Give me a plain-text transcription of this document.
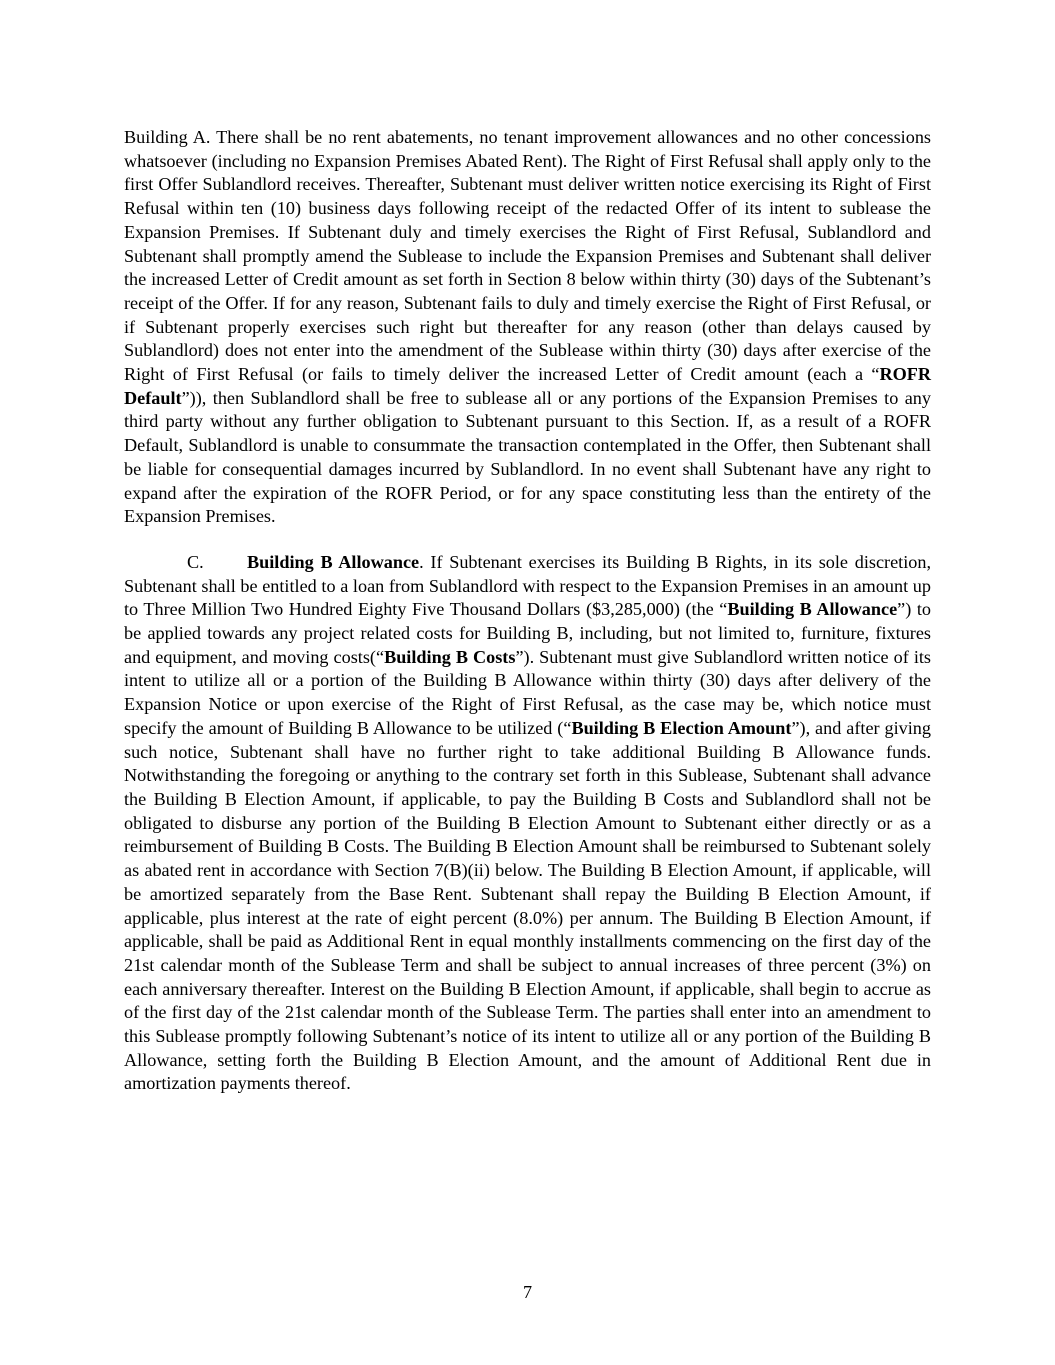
Building A. There shall be no rent abatements, no tenant improvement allowances and no other concessions whatsoever (including no Expansion Premises Abated Rent). The Right of First Refusal shall apply only to the first Offer Sublandlord receives. Thereafter, Subtenant must deliver written notice exercising its Right of First Refusal within ten (10) business days following receipt of the redacted Offer of its intent to sublease the Expansion Premises. If Subtenant duly and timely exercises the Right of First Refusal, Sublandlord and Subtenant shall promptly amend the Sublease to include the Expansion Premises and Subtenant shall deliver the increased Letter of Credit amount as set forth in Section 8 below within thirty (30) days of the Subtenant’s receipt of the Offer. If for any reason, Subtenant fails to duly and timely exercise the Right of First Refusal, or if Subtenant properly exercises such right but thereafter for any reason (other than delays caused by Sublandlord) does not enter into the amendment of the Sublease within thirty (30) days after exercise of the Right of First Refusal (or fails to timely deliver the increased Letter of Credit amount (each a “ROFR Default”)), then Sublandlord shall be free to sublease all or any portions of the Expansion Premises to any third party without any further obligation to Subtenant pursuant to this Section. If, as a result of a ROFR Default, Sublandlord is unable to consummate the transaction contemplated in the Offer, then Subtenant shall be liable for consequential damages incurred by Sublandlord. In no event shall Subtenant have any right to expand after the expiration of the ROFR Period, or for any space constituting less than the entirety of the Expansion Premises.

C. Building B Allowance. If Subtenant exercises its Building B Rights, in its sole discretion, Subtenant shall be entitled to a loan from Sublandlord with respect to the Expansion Premises in an amount up to Three Million Two Hundred Eighty Five Thousand Dollars ($3,285,000) (the “Building B Allowance”) to be applied towards any project related costs for Building B, including, but not limited to, furniture, fixtures and equipment, and moving costs(“Building B Costs”). Subtenant must give Sublandlord written notice of its intent to utilize all or a portion of the Building B Allowance within thirty (30) days after delivery of the Expansion Notice or upon exercise of the Right of First Refusal, as the case may be, which notice must specify the amount of Building B Allowance to be utilized (“Building B Election Amount”), and after giving such notice, Subtenant shall have no further right to take additional Building B Allowance funds. Notwithstanding the foregoing or anything to the contrary set forth in this Sublease, Subtenant shall advance the Building B Election Amount, if applicable, to pay the Building B Costs and Sublandlord shall not be obligated to disburse any portion of the Building B Election Amount to Subtenant either directly or as a reimbursement of Building B Costs. The Building B Election Amount shall be reimbursed to Subtenant solely as abated rent in accordance with Section 7(B)(ii) below. The Building B Election Amount, if applicable, will be amortized separately from the Base Rent. Subtenant shall repay the Building B Election Amount, if applicable, plus interest at the rate of eight percent (8.0%) per annum. The Building B Election Amount, if applicable, shall be paid as Additional Rent in equal monthly installments commencing on the first day of the 21st calendar month of the Sublease Term and shall be subject to annual increases of three percent (3%) on each anniversary thereafter. Interest on the Building B Election Amount, if applicable, shall begin to accrue as of the first day of the 21st calendar month of the Sublease Term. The parties shall enter into an amendment to this Sublease promptly following Subtenant’s notice of its intent to utilize all or any portion of the Building B Allowance, setting forth the Building B Election Amount, and the amount of Additional Rent due in amortization payments thereof.

7
